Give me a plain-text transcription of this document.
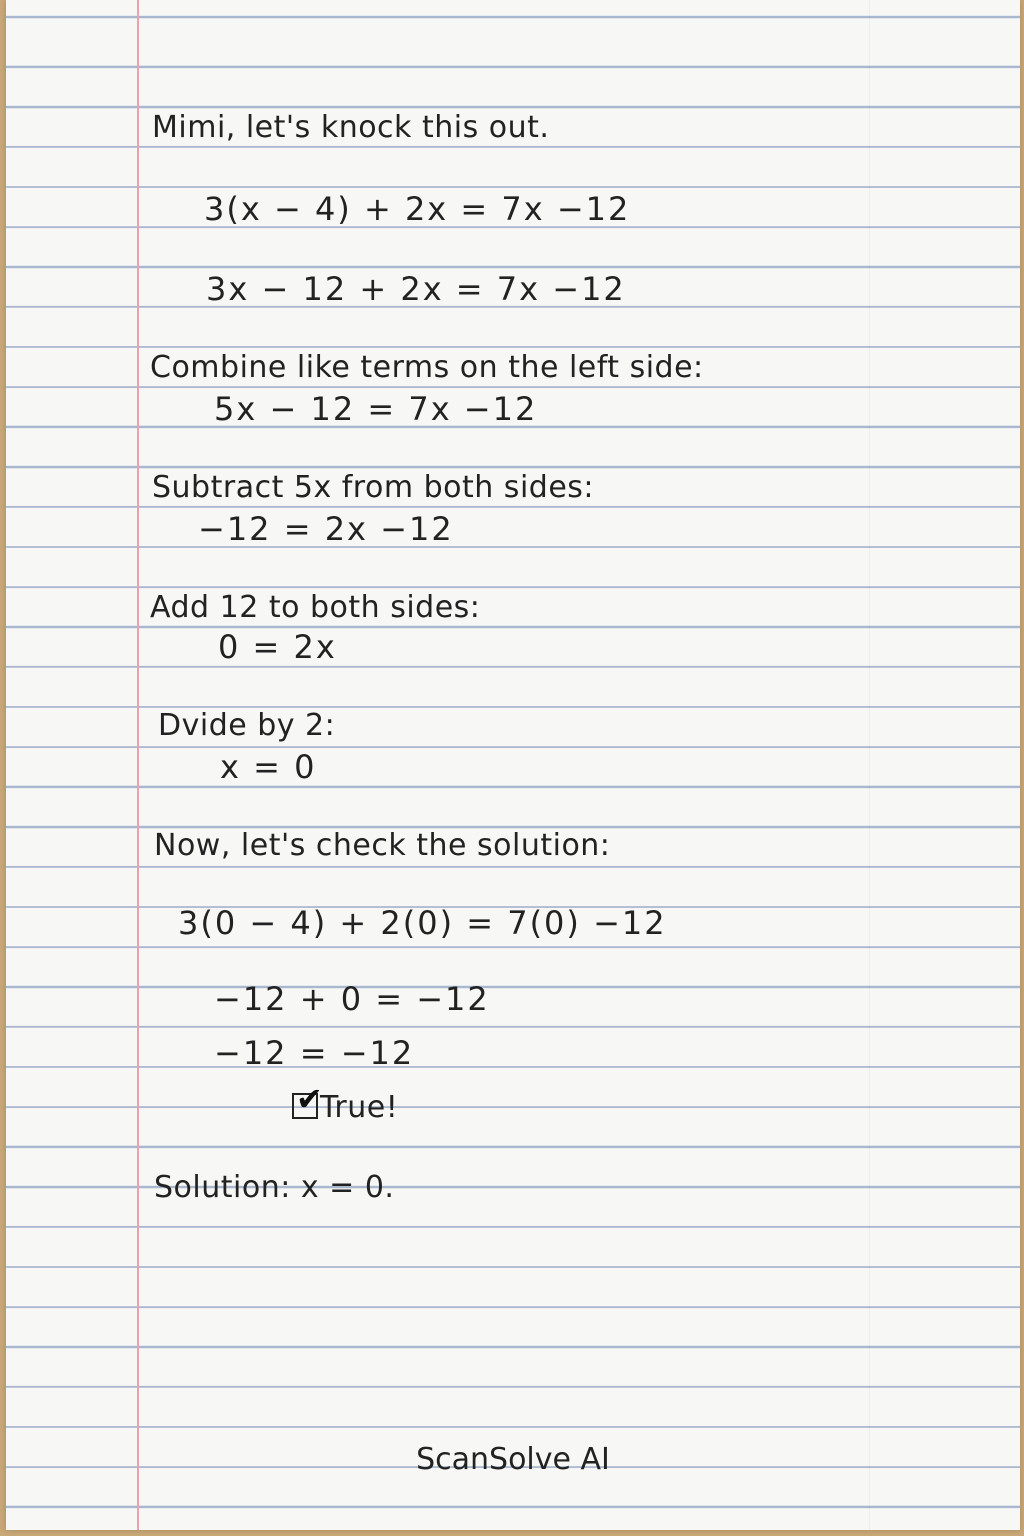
Mimi, let's knock this out.
3(x − 4) + 2x = 7x −12
3x − 12 + 2x = 7x −12
Combine like terms on the left side:
5x − 12 = 7x −12
Subtract 5x from both sides:
−12 = 2x −12
Add 12 to both sides:
0 = 2x
Dvide by 2:
x = 0
Now, let's check the solution:
3(0 − 4) + 2(0) = 7(0) −12
−12 + 0 = −12
−12 = −12
✔
True!
Solution: x = 0.
ScanSolve AI
